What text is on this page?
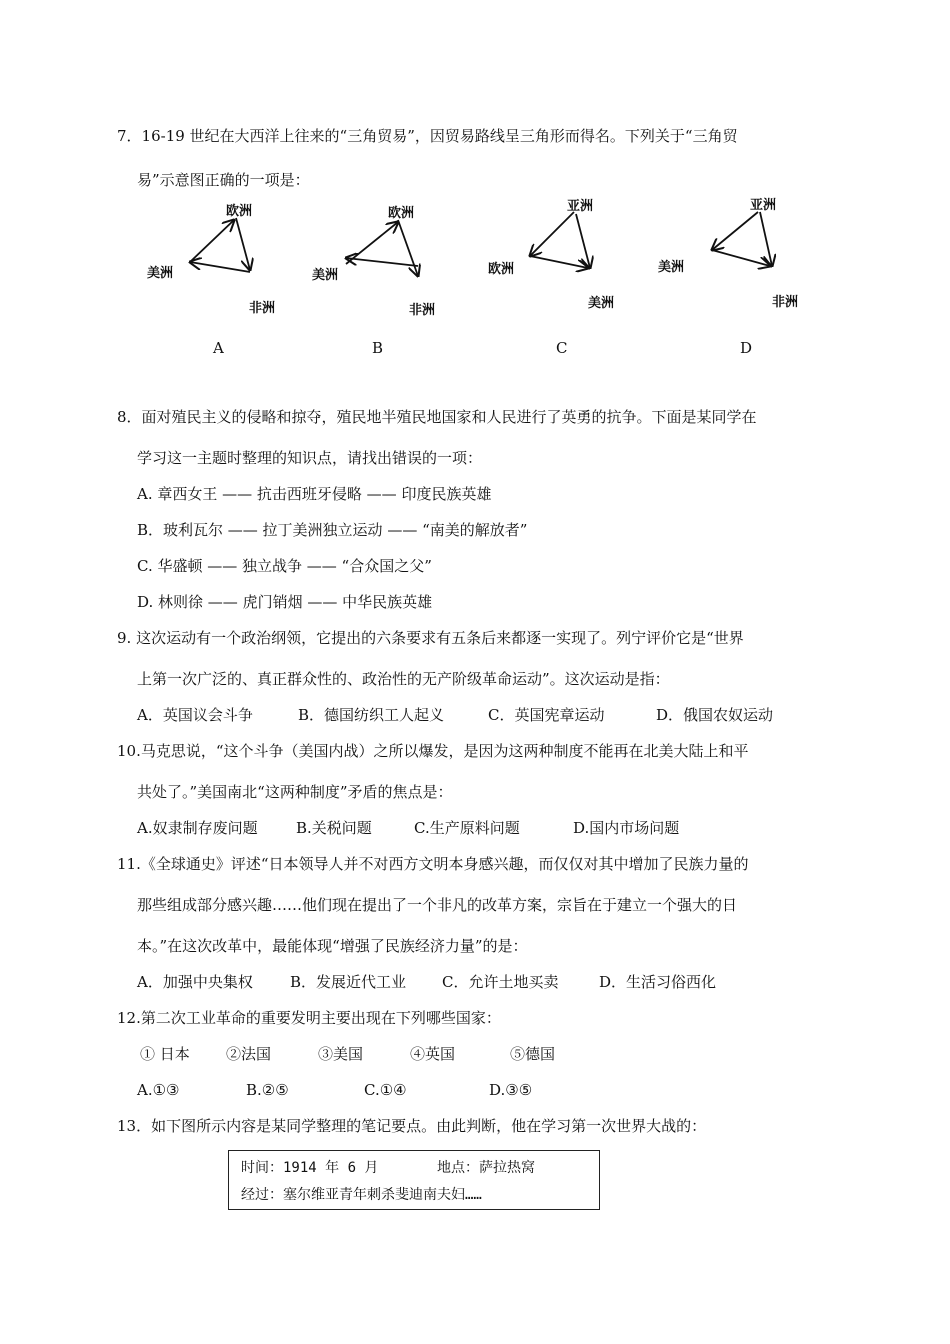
7．16-19 世纪在大西洋上往来的“三角贸易”，因贸易路线呈三角形而得名。下列关于“三角贸
易”示意图正确的一项是：
欧洲
美洲
非洲
A
欧洲
美洲
非洲
B
亚洲
欧洲
美洲
C
亚洲
美洲
非洲
D
8．面对殖民主义的侵略和掠夺，殖民地半殖民地国家和人民进行了英勇的抗争。下面是某同学在
学习这一主题时整理的知识点，请找出错误的一项：
A. 章西女王 —— 抗击西班牙侵略 —— 印度民族英雄
B．玻利瓦尔 —— 拉丁美洲独立运动 —— “南美的解放者”
C. 华盛顿 —— 独立战争 —— “合众国之父”
D. 林则徐 —— 虎门销烟 —— 中华民族英雄
9. 这次运动有一个政治纲领，它提出的六条要求有五条后来都逐一实现了。列宁评价它是“世界
上第一次广泛的、真正群众性的、政治性的无产阶级革命运动”。这次运动是指：
A．英国议会斗争	B．德国纺织工人起义	C．英国宪章运动	D．俄国农奴运动
10.马克思说，“这个斗争（美国内战）之所以爆发，是因为这两种制度不能再在北美大陆上和平
共处了。”美国南北“这两种制度”矛盾的焦点是：
A.奴隶制存废问题	B.关税问题	C.生产原料问题	D.国内市场问题
11.《全球通史》评述“日本领导人并不对西方文明本身感兴趣，而仅仅对其中增加了民族力量的
那些组成部分感兴趣……他们现在提出了一个非凡的改革方案，宗旨在于建立一个强大的日
本。”在这次改革中，最能体现“增强了民族经济力量”的是：
A．加强中央集权 B．发展近代工业 C．允许土地买卖	D．生活习俗西化
12.第二次工业革命的重要发明主要出现在下列哪些国家：
① 日本 ②法国	③美国	④英国	⑤德国
A.①③	B.②⑤	C.①④	D.③⑤
13．如下图所示内容是某同学整理的笔记要点。由此判断，他在学习第一次世界大战的：
时间：1914 年 6 月	地点：萨拉热窝
经过：塞尔维亚青年刺杀斐迪南夫妇……
